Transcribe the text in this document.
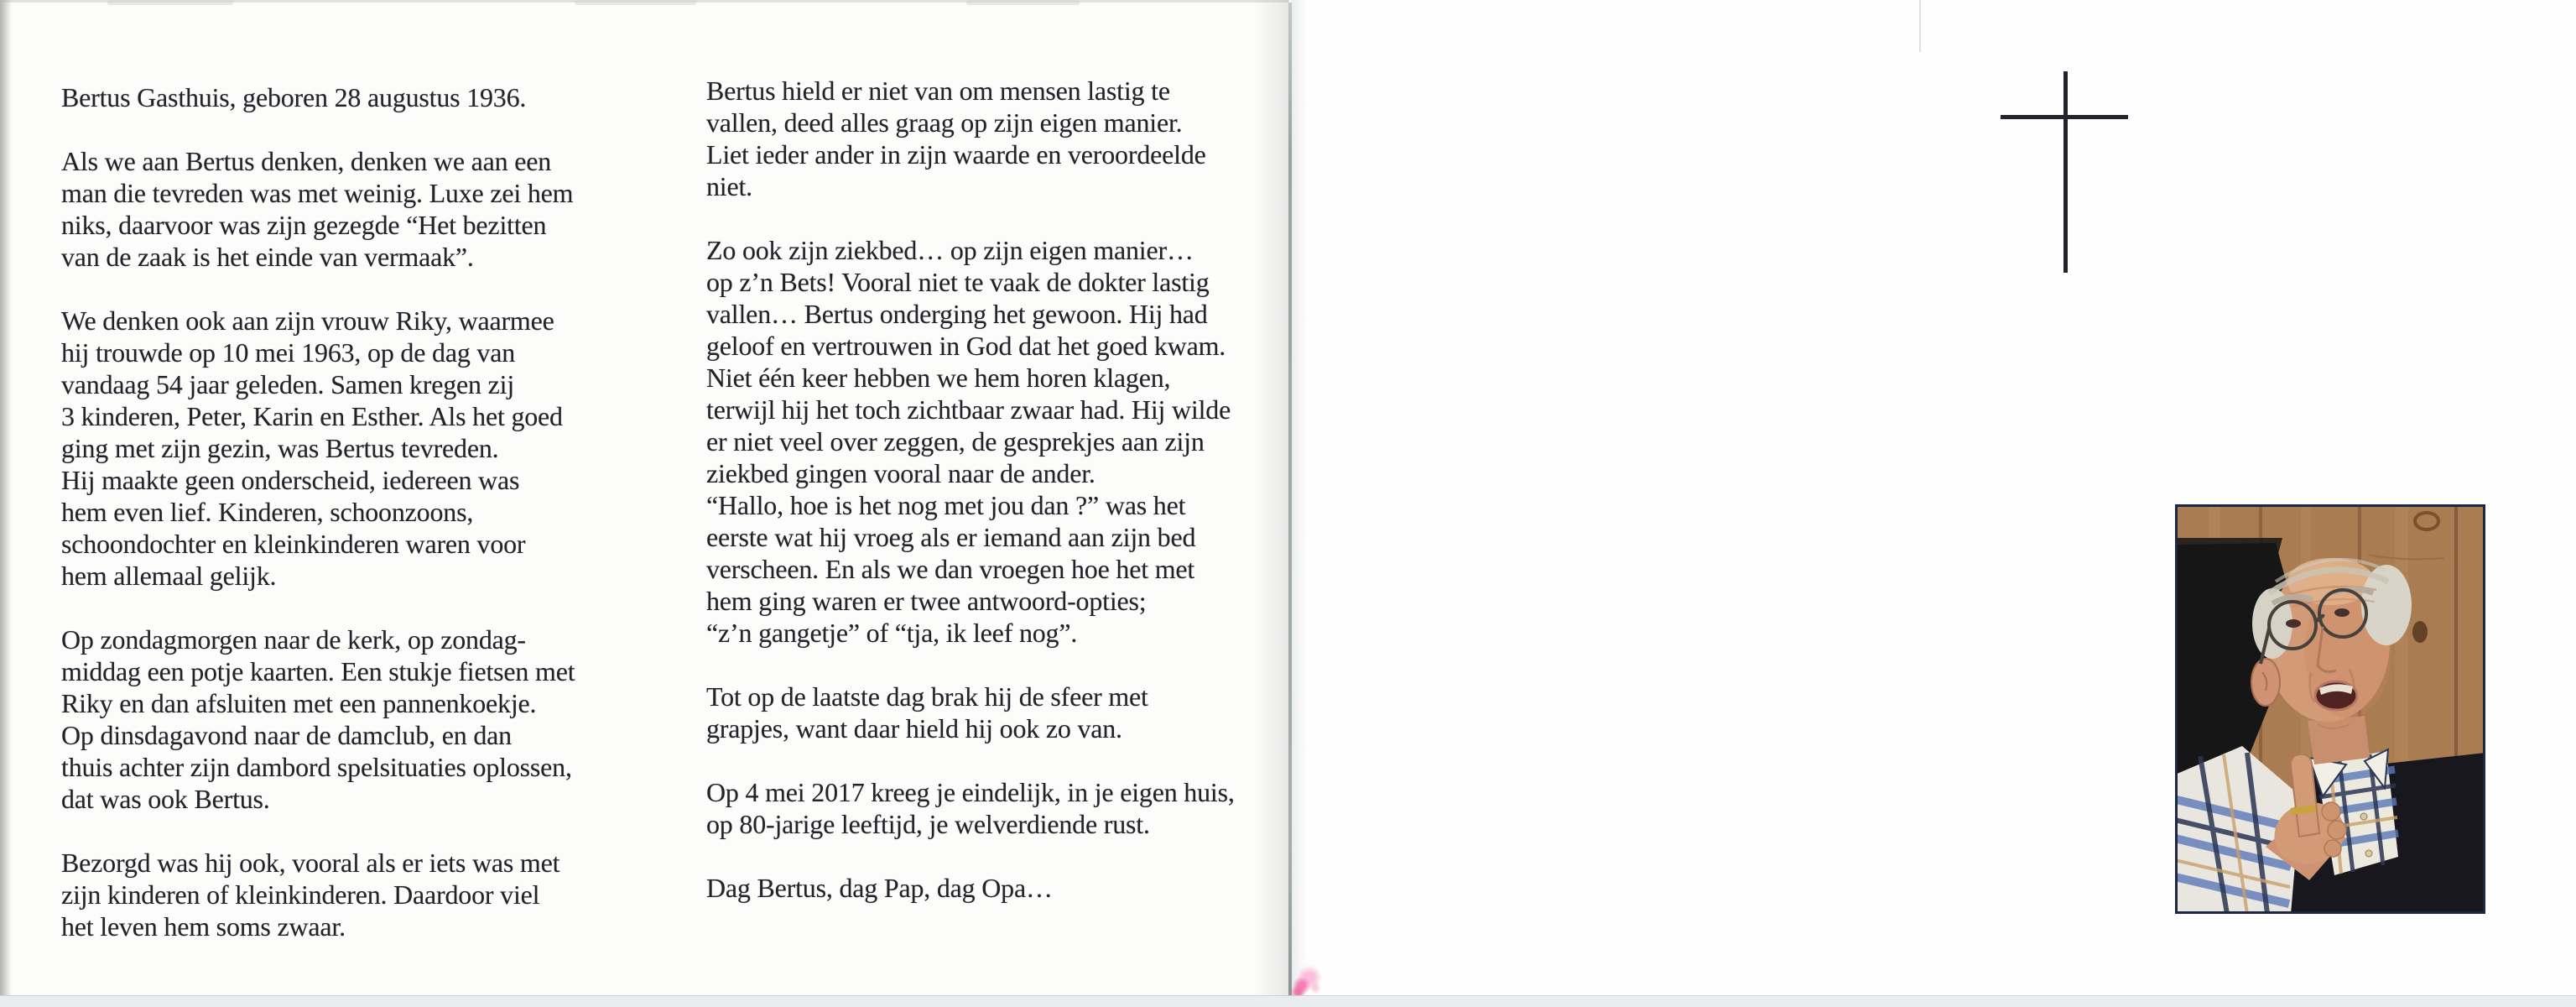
Bertus Gasthuis, geboren 28 augustus 1936.

Als we aan Bertus denken, denken we aan een
man die tevreden was met weinig. Luxe zei hem
niks, daarvoor was zijn gezegde “Het bezitten
van de zaak is het einde van vermaak”.

We denken ook aan zijn vrouw Riky, waarmee
hij trouwde op 10 mei 1963, op de dag van
vandaag 54 jaar geleden. Samen kregen zij
3 kinderen, Peter, Karin en Esther. Als het goed
ging met zijn gezin, was Bertus tevreden.
Hij maakte geen onderscheid, iedereen was
hem even lief. Kinderen, schoonzoons,
schoondochter en kleinkinderen waren voor
hem allemaal gelijk.

Op zondagmorgen naar de kerk, op zondag-
middag een potje kaarten. Een stukje fietsen met
Riky en dan afsluiten met een pannenkoekje.
Op dinsdagavond naar de damclub, en dan
thuis achter zijn dambord spelsituaties oplossen,
dat was ook Bertus.

Bezorgd was hij ook, vooral als er iets was met
zijn kinderen of kleinkinderen. Daardoor viel
het leven hem soms zwaar.

Bertus hield er niet van om mensen lastig te
vallen, deed alles graag op zijn eigen manier.
Liet ieder ander in zijn waarde en veroordeelde
niet.

Zo ook zijn ziekbed… op zijn eigen manier…
op z’n Bets! Vooral niet te vaak de dokter lastig
vallen… Bertus onderging het gewoon. Hij had
geloof en vertrouwen in God dat het goed kwam.
Niet één keer hebben we hem horen klagen,
terwijl hij het toch zichtbaar zwaar had. Hij wilde
er niet veel over zeggen, de gesprekjes aan zijn
ziekbed gingen vooral naar de ander.
“Hallo, hoe is het nog met jou dan ?” was het
eerste wat hij vroeg als er iemand aan zijn bed
verscheen. En als we dan vroegen hoe het met
hem ging waren er twee antwoord-opties;
“z’n gangetje” of “tja, ik leef nog”.

Tot op de laatste dag brak hij de sfeer met
grapjes, want daar hield hij ook zo van.

Op 4 mei 2017 kreeg je eindelijk, in je eigen huis,
op 80-jarige leeftijd, je welverdiende rust.

Dag Bertus, dag Pap, dag Opa…
